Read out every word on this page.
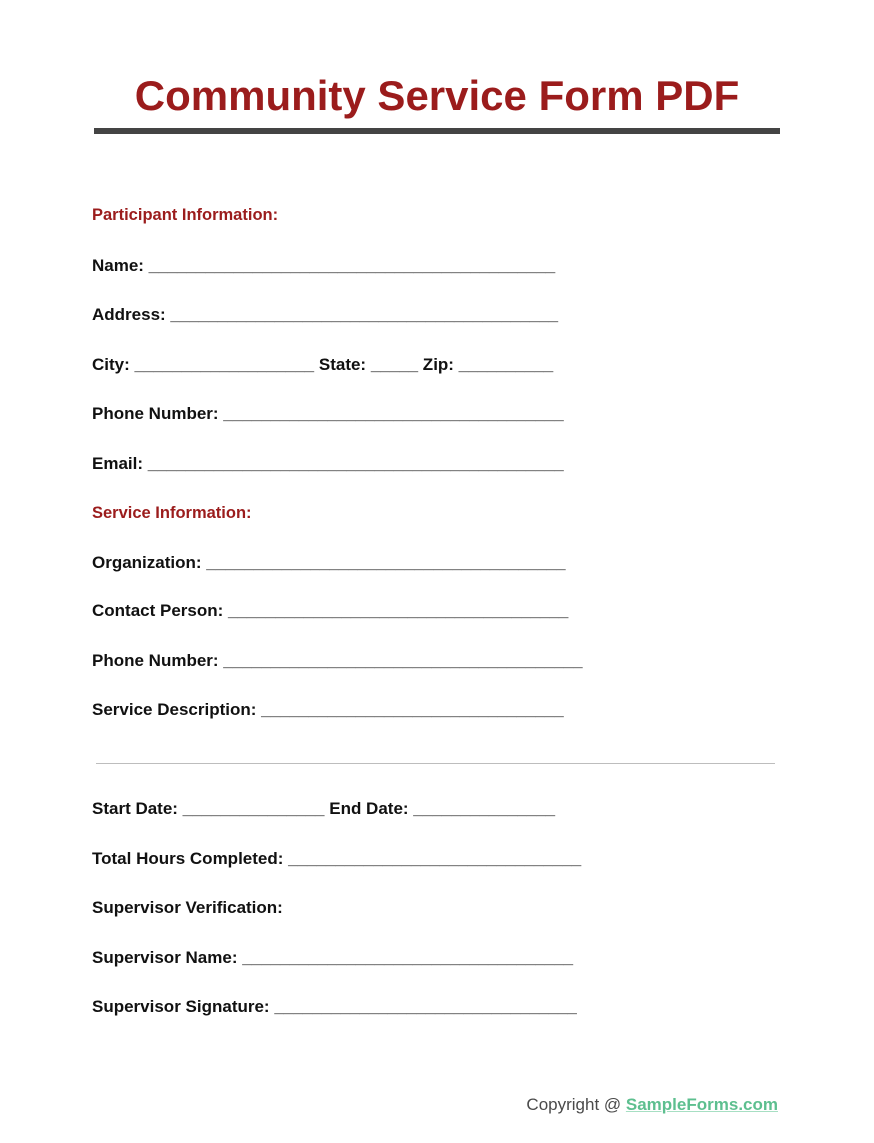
Community Service Form PDF
Participant Information:
Name: ___________________________________________
Address: _________________________________________
City: ___________________ State: _____ Zip: __________
Phone Number: ____________________________________
Email: ____________________________________________
Service Information:
Organization: ______________________________________
Contact Person: ____________________________________
Phone Number: ______________________________________
Service Description: ________________________________
Start Date: _______________ End Date: _______________
Total Hours Completed: _______________________________
Supervisor Verification:
Supervisor Name: ___________________________________
Supervisor Signature: ________________________________
Copyright @ SampleForms.com
